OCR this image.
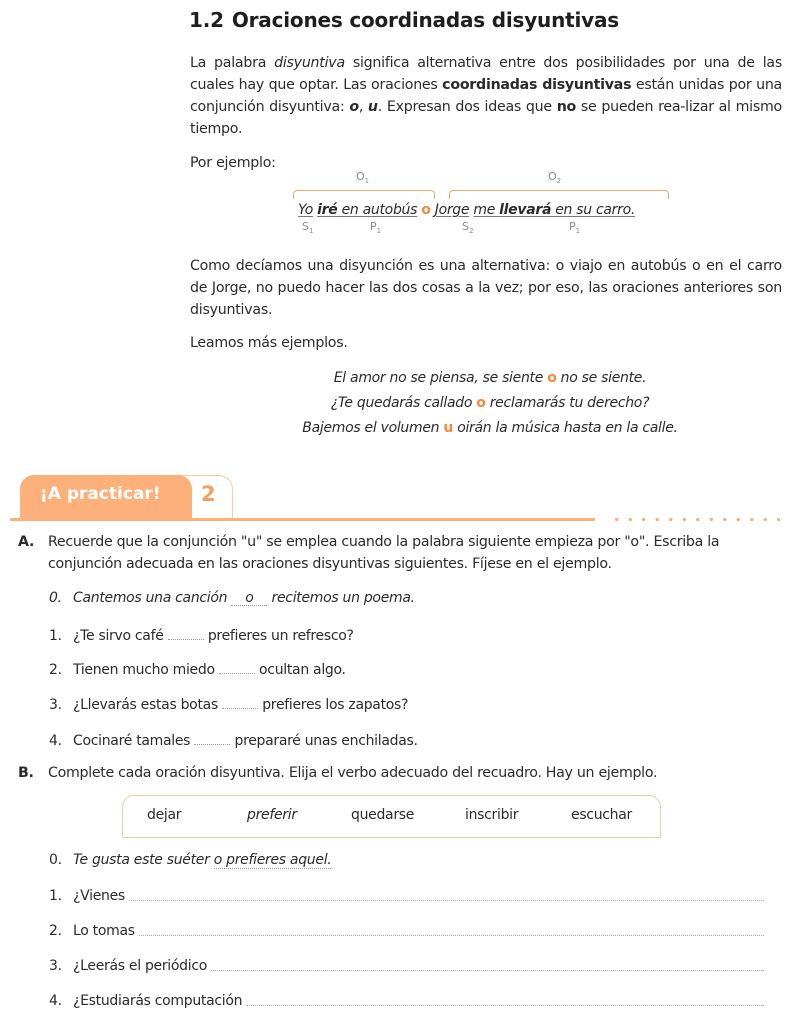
1.2 Oraciones coordinadas disyuntivas
La palabra disyuntiva significa alternativa entre dos posibilidades por una de las cuales hay que optar. Las oraciones coordinadas disyuntivas están unidas por una conjunción disyuntiva: o, u. Expresan dos ideas que no se pueden rea-lizar al mismo tiempo.
Por ejemplo:
$O_1$	$O_2$
Yo iré en autobús o Jorge me llevará en su carro.
$S_1$	$P_1$	$S_2$	$P_1$
Como decíamos una disyunción es una alternativa: o viajo en autobús o en el carro de Jorge, no puedo hacer las dos cosas a la vez; por eso, las oraciones anteriores son disyuntivas.
Leamos más ejemplos.
El amor no se piensa, se siente o no se siente.
¿Te quedarás callado o reclamarás tu derecho?
Bajemos el volumen u oirán la música hasta en la calle.
2
¡A practicar!
A. Recuerde que la conjunción "u" se emplea cuando la palabra siguiente empieza por "o". Escriba la conjunción adecuada en las oraciones disyuntivas siguientes. Fíjese en el ejemplo.
0. Cantemos una canción o recitemos un poema.
1. ¿Te sirvo café	prefieres un refresco?
2. Tienen mucho miedo	ocultan algo.
3. ¿Llevarás estas botas	prefieres los zapatos?
4. Cocinaré tamales	prepararé unas enchiladas.
B. Complete cada oración disyuntiva. Elija el verbo adecuado del recuadro. Hay un ejemplo.
dejar	preferir	quedarse	inscribir	escuchar
0. Te gusta este suéter o prefieres aquel.
1. ¿Vienes
2. Lo tomas
3. ¿Leerás el periódico
4. ¿Estudiarás computación
